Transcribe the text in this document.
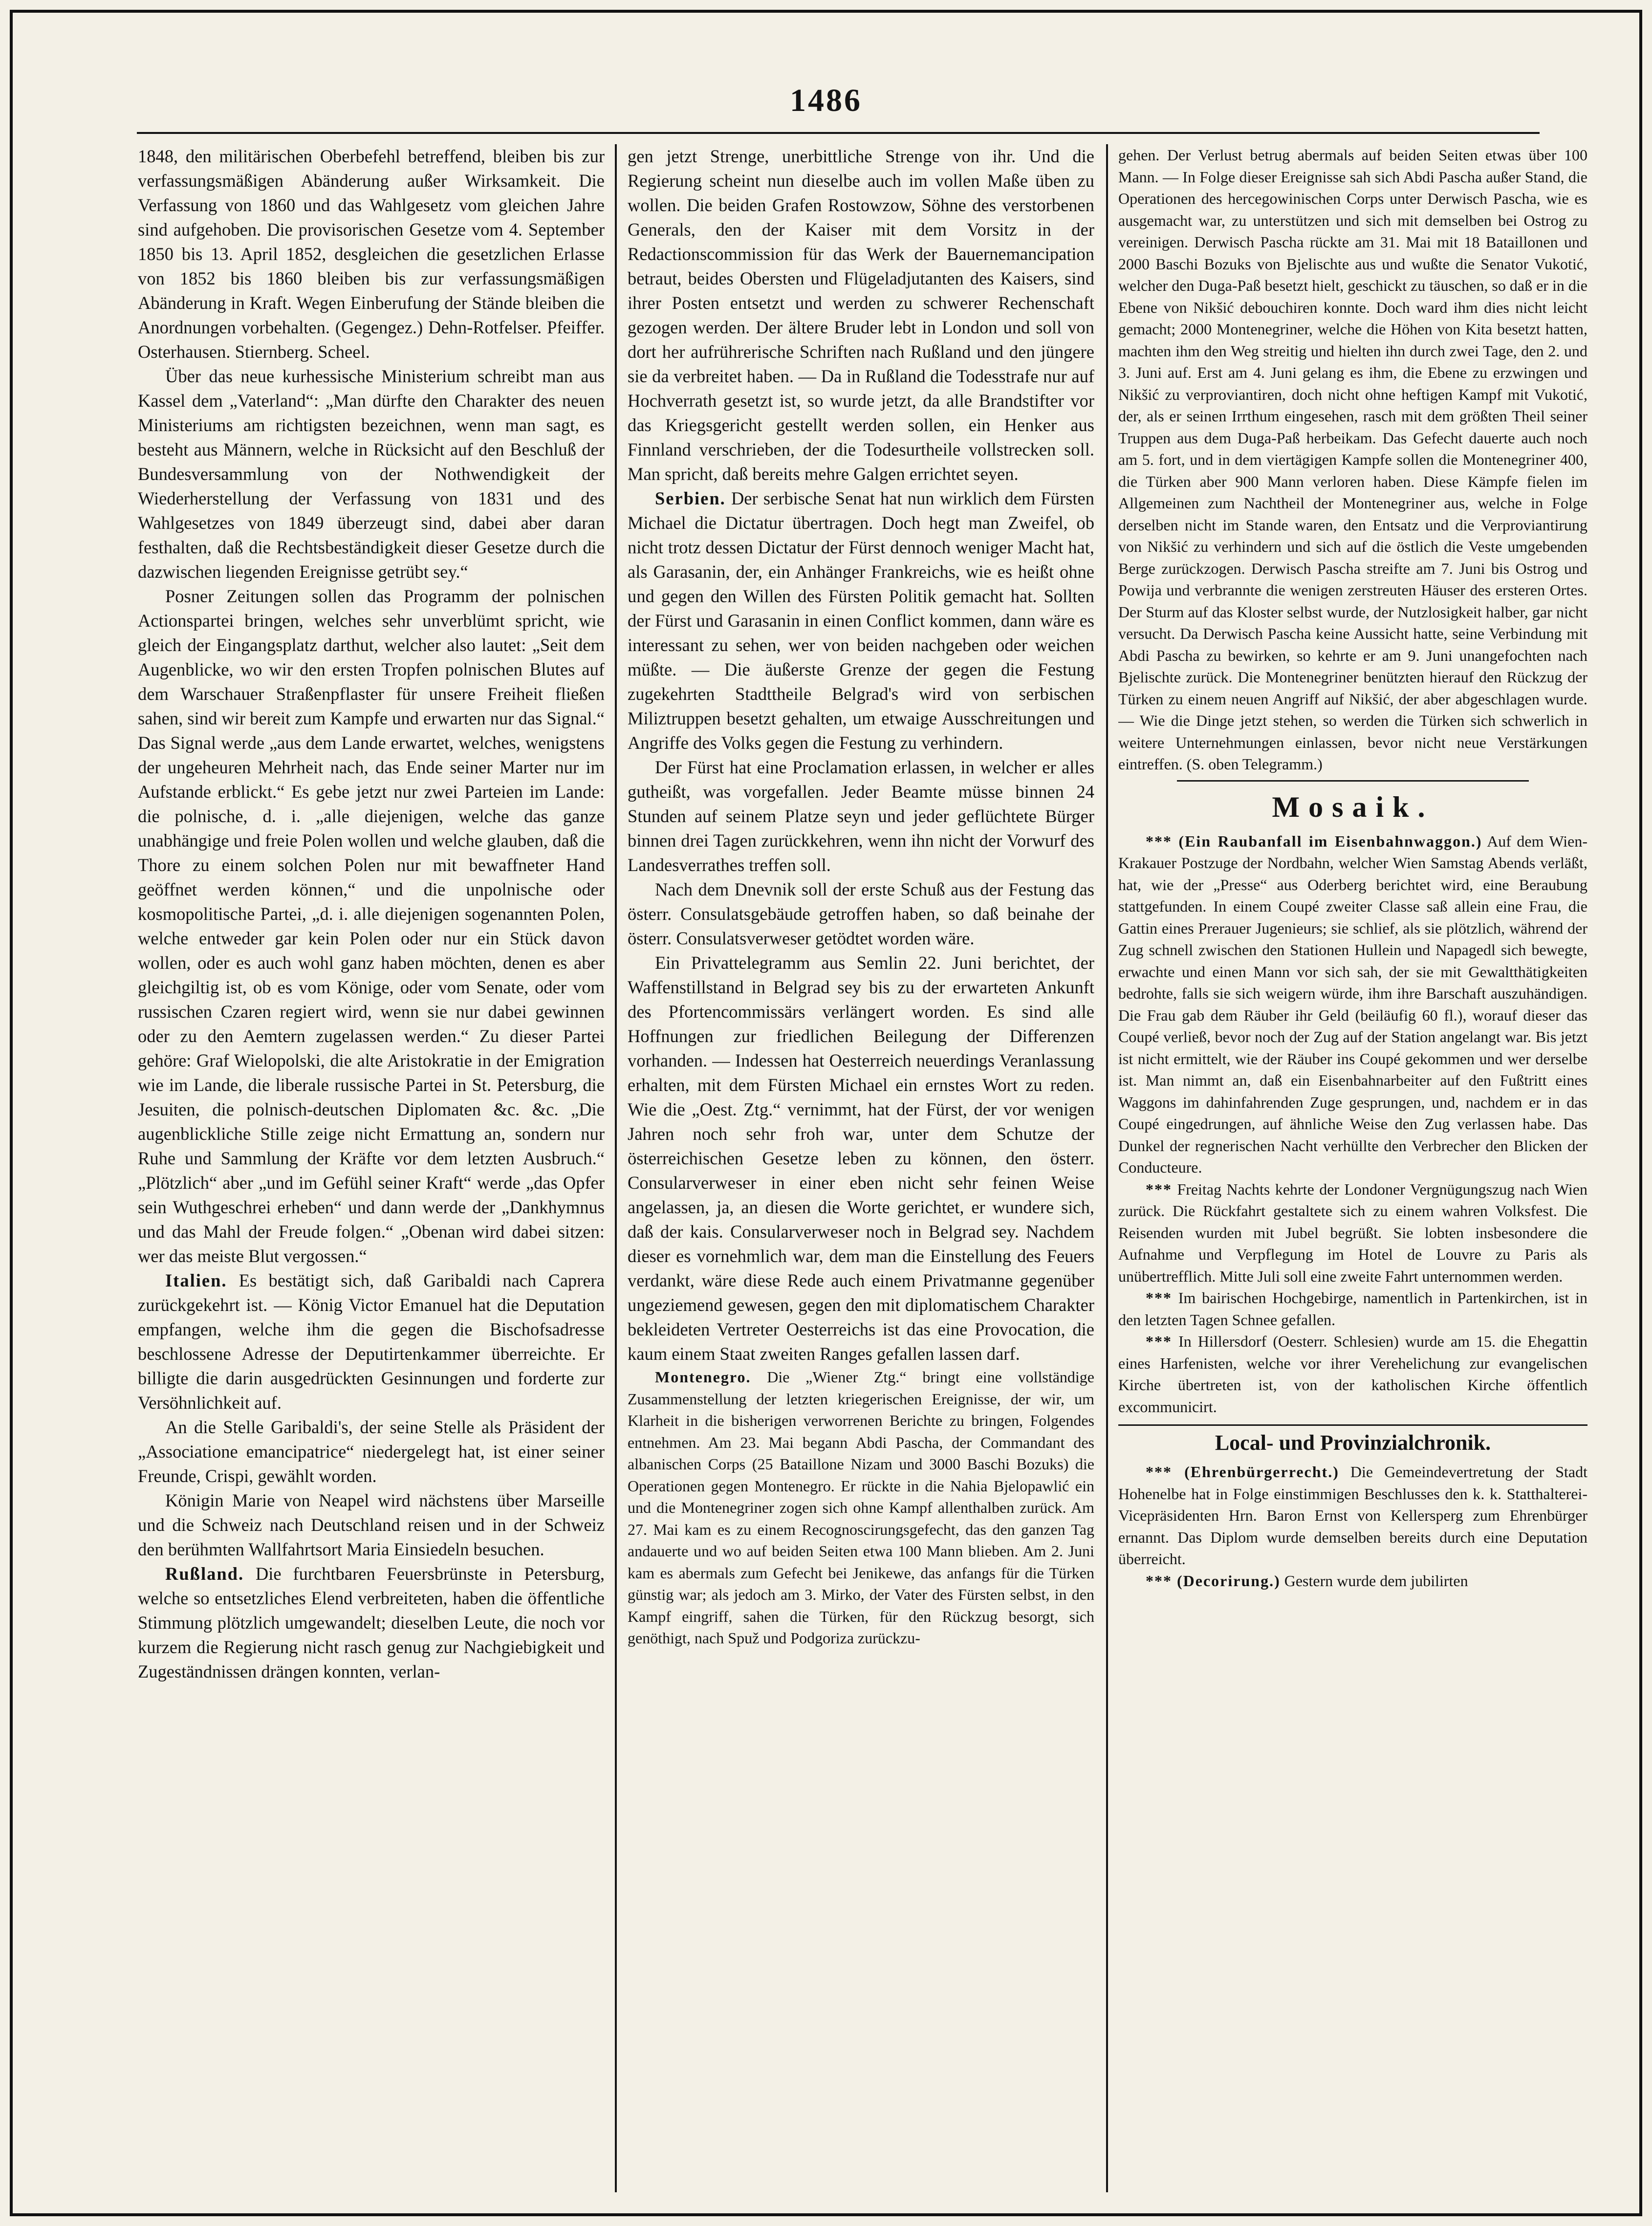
1486

1848, den militärischen Oberbefehl betreffend, bleiben bis zur verfassungsmäßigen Abänderung außer Wirksamkeit. Die Verfassung von 1860 und das Wahlgesetz vom gleichen Jahre sind aufgehoben. Die provisorischen Gesetze vom 4. September 1850 bis 13. April 1852, desgleichen die gesetzlichen Erlasse von 1852 bis 1860 bleiben bis zur verfassungsmäßigen Abänderung in Kraft. Wegen Einberufung der Stände bleiben die Anordnungen vorbehalten. (Gegengez.) Dehn-Rotfelser. Pfeiffer. Osterhausen. Stiernberg. Scheel.

Über das neue kurhessische Ministerium schreibt man aus Kassel dem „Vaterland“: „Man dürfte den Charakter des neuen Ministeriums am richtigsten bezeichnen, wenn man sagt, es besteht aus Männern, welche in Rücksicht auf den Beschluß der Bundesversammlung von der Nothwendigkeit der Wiederherstellung der Verfassung von 1831 und des Wahlgesetzes von 1849 überzeugt sind, dabei aber daran festhalten, daß die Rechtsbeständigkeit dieser Gesetze durch die dazwischen liegenden Ereignisse getrübt sey.“

Posner Zeitungen sollen das Programm der polnischen Actionspartei bringen, welches sehr unverblümt spricht, wie gleich der Eingangsplatz darthut, welcher also lautet: „Seit dem Augenblicke, wo wir den ersten Tropfen polnischen Blutes auf dem Warschauer Straßenpflaster für unsere Freiheit fließen sahen, sind wir bereit zum Kampfe und erwarten nur das Signal.“ Das Signal werde „aus dem Lande erwartet, welches, wenigstens der ungeheuren Mehrheit nach, das Ende seiner Marter nur im Aufstande erblickt.“ Es gebe jetzt nur zwei Parteien im Lande: die polnische, d. i. „alle diejenigen, welche das ganze unabhängige und freie Polen wollen und welche glauben, daß die Thore zu einem solchen Polen nur mit bewaffneter Hand geöffnet werden können,“ und die unpolnische oder kosmopolitische Partei, „d. i. alle diejenigen sogenannten Polen, welche entweder gar kein Polen oder nur ein Stück davon wollen, oder es auch wohl ganz haben möchten, denen es aber gleichgiltig ist, ob es vom Könige, oder vom Senate, oder vom russischen Czaren regiert wird, wenn sie nur dabei gewinnen oder zu den Aemtern zugelassen werden.“ Zu dieser Partei gehöre: Graf Wielopolski, die alte Aristokratie in der Emigration wie im Lande, die liberale russische Partei in St. Petersburg, die Jesuiten, die polnisch-deutschen Diplomaten &c. &c. „Die augenblickliche Stille zeige nicht Ermattung an, sondern nur Ruhe und Sammlung der Kräfte vor dem letzten Ausbruch.“ „Plötzlich“ aber „und im Gefühl seiner Kraft“ werde „das Opfer sein Wuthgeschrei erheben“ und dann werde der „Dankhymnus und das Mahl der Freude folgen.“ „Obenan wird dabei sitzen: wer das meiste Blut vergossen.“

Italien. Es bestätigt sich, daß Garibaldi nach Caprera zurückgekehrt ist. — König Victor Emanuel hat die Deputation empfangen, welche ihm die gegen die Bischofsadresse beschlossene Adresse der Deputirtenkammer überreichte. Er billigte die darin ausgedrückten Gesinnungen und forderte zur Versöhnlichkeit auf.

An die Stelle Garibaldi's, der seine Stelle als Präsident der „Associatione emancipatrice“ niedergelegt hat, ist einer seiner Freunde, Crispi, gewählt worden.

Königin Marie von Neapel wird nächstens über Marseille und die Schweiz nach Deutschland reisen und in der Schweiz den berühmten Wallfahrtsort Maria Einsiedeln besuchen.

Rußland. Die furchtbaren Feuersbrünste in Petersburg, welche so entsetzliches Elend verbreiteten, haben die öffentliche Stimmung plötzlich umgewandelt; dieselben Leute, die noch vor kurzem die Regierung nicht rasch genug zur Nachgiebigkeit und Zugeständnissen drängen konnten, verlan-

gen jetzt Strenge, unerbittliche Strenge von ihr. Und die Regierung scheint nun dieselbe auch im vollen Maße üben zu wollen. Die beiden Grafen Rostowzow, Söhne des verstorbenen Generals, den der Kaiser mit dem Vorsitz in der Redactionscommission für das Werk der Bauernemancipation betraut, beides Obersten und Flügeladjutanten des Kaisers, sind ihrer Posten entsetzt und werden zu schwerer Rechenschaft gezogen werden. Der ältere Bruder lebt in London und soll von dort her aufrührerische Schriften nach Rußland und den jüngere sie da verbreitet haben. — Da in Rußland die Todesstrafe nur auf Hochverrath gesetzt ist, so wurde jetzt, da alle Brandstifter vor das Kriegsgericht gestellt werden sollen, ein Henker aus Finnland verschrieben, der die Todesurtheile vollstrecken soll. Man spricht, daß bereits mehre Galgen errichtet seyen.

Serbien. Der serbische Senat hat nun wirklich dem Fürsten Michael die Dictatur übertragen. Doch hegt man Zweifel, ob nicht trotz dessen Dictatur der Fürst dennoch weniger Macht hat, als Garasanin, der, ein Anhänger Frankreichs, wie es heißt ohne und gegen den Willen des Fürsten Politik gemacht hat. Sollten der Fürst und Garasanin in einen Conflict kommen, dann wäre es interessant zu sehen, wer von beiden nachgeben oder weichen müßte. — Die äußerste Grenze der gegen die Festung zugekehrten Stadttheile Belgrad's wird von serbischen Miliztruppen besetzt gehalten, um etwaige Ausschreitungen und Angriffe des Volks gegen die Festung zu verhindern.

Der Fürst hat eine Proclamation erlassen, in welcher er alles gutheißt, was vorgefallen. Jeder Beamte müsse binnen 24 Stunden auf seinem Platze seyn und jeder geflüchtete Bürger binnen drei Tagen zurückkehren, wenn ihn nicht der Vorwurf des Landesverrathes treffen soll.

Nach dem Dnevnik soll der erste Schuß aus der Festung das österr. Consulatsgebäude getroffen haben, so daß beinahe der österr. Consulatsverweser getödtet worden wäre.

Ein Privattelegramm aus Semlin 22. Juni berichtet, der Waffenstillstand in Belgrad sey bis zu der erwarteten Ankunft des Pfortencommissärs verlängert worden. Es sind alle Hoffnungen zur friedlichen Beilegung der Differenzen vorhanden. — Indessen hat Oesterreich neuerdings Veranlassung erhalten, mit dem Fürsten Michael ein ernstes Wort zu reden. Wie die „Oest. Ztg.“ vernimmt, hat der Fürst, der vor wenigen Jahren noch sehr froh war, unter dem Schutze der österreichischen Gesetze leben zu können, den österr. Consularverweser in einer eben nicht sehr feinen Weise angelassen, ja, an diesen die Worte gerichtet, er wundere sich, daß der kais. Consularverweser noch in Belgrad sey. Nachdem dieser es vornehmlich war, dem man die Einstellung des Feuers verdankt, wäre diese Rede auch einem Privatmanne gegenüber ungeziemend gewesen, gegen den mit diplomatischem Charakter bekleideten Vertreter Oesterreichs ist das eine Provocation, die kaum einem Staat zweiten Ranges gefallen lassen darf.

Montenegro. Die „Wiener Ztg.“ bringt eine vollständige Zusammenstellung der letzten kriegerischen Ereignisse, der wir, um Klarheit in die bisherigen verworrenen Berichte zu bringen, Folgendes entnehmen. Am 23. Mai begann Abdi Pascha, der Commandant des albanischen Corps (25 Bataillone Nizam und 3000 Baschi Bozuks) die Operationen gegen Montenegro. Er rückte in die Nahia Bjelopawlić ein und die Montenegriner zogen sich ohne Kampf allenthalben zurück. Am 27. Mai kam es zu einem Recognoscirungsgefecht, das den ganzen Tag andauerte und wo auf beiden Seiten etwa 100 Mann blieben. Am 2. Juni kam es abermals zum Gefecht bei Jenikewe, das anfangs für die Türken günstig war; als jedoch am 3. Mirko, der Vater des Fürsten selbst, in den Kampf eingriff, sahen die Türken, für den Rückzug besorgt, sich genöthigt, nach Spuž und Podgoriza zurückzu-

gehen. Der Verlust betrug abermals auf beiden Seiten etwas über 100 Mann. — In Folge dieser Ereignisse sah sich Abdi Pascha außer Stand, die Operationen des hercegowinischen Corps unter Derwisch Pascha, wie es ausgemacht war, zu unterstützen und sich mit demselben bei Ostrog zu vereinigen. Derwisch Pascha rückte am 31. Mai mit 18 Bataillonen und 2000 Baschi Bozuks von Bjelischte aus und wußte die Senator Vukotić, welcher den Duga-Paß besetzt hielt, geschickt zu täuschen, so daß er in die Ebene von Nikšić debouchiren konnte. Doch ward ihm dies nicht leicht gemacht; 2000 Montenegriner, welche die Höhen von Kita besetzt hatten, machten ihm den Weg streitig und hielten ihn durch zwei Tage, den 2. und 3. Juni auf. Erst am 4. Juni gelang es ihm, die Ebene zu erzwingen und Nikšić zu verproviantiren, doch nicht ohne heftigen Kampf mit Vukotić, der, als er seinen Irrthum eingesehen, rasch mit dem größten Theil seiner Truppen aus dem Duga-Paß herbeikam. Das Gefecht dauerte auch noch am 5. fort, und in dem viertägigen Kampfe sollen die Montenegriner 400, die Türken aber 900 Mann verloren haben. Diese Kämpfe fielen im Allgemeinen zum Nachtheil der Montenegriner aus, welche in Folge derselben nicht im Stande waren, den Entsatz und die Verproviantirung von Nikšić zu verhindern und sich auf die östlich die Veste umgebenden Berge zurückzogen. Derwisch Pascha streifte am 7. Juni bis Ostrog und Powija und verbrannte die wenigen zerstreuten Häuser des ersteren Ortes. Der Sturm auf das Kloster selbst wurde, der Nutzlosigkeit halber, gar nicht versucht. Da Derwisch Pascha keine Aussicht hatte, seine Verbindung mit Abdi Pascha zu bewirken, so kehrte er am 9. Juni unangefochten nach Bjelischte zurück. Die Montenegriner benützten hierauf den Rückzug der Türken zu einem neuen Angriff auf Nikšić, der aber abgeschlagen wurde. — Wie die Dinge jetzt stehen, so werden die Türken sich schwerlich in weitere Unternehmungen einlassen, bevor nicht neue Verstärkungen eintreffen. (S. oben Telegramm.)

Mosaik.

*** (Ein Raubanfall im Eisenbahnwaggon.) Auf dem Wien-Krakauer Postzuge der Nordbahn, welcher Wien Samstag Abends verläßt, hat, wie der „Presse“ aus Oderberg berichtet wird, eine Beraubung stattgefunden. In einem Coupé zweiter Classe saß allein eine Frau, die Gattin eines Prerauer Jugenieurs; sie schlief, als sie plötzlich, während der Zug schnell zwischen den Stationen Hullein und Napagedl sich bewegte, erwachte und einen Mann vor sich sah, der sie mit Gewaltthätigkeiten bedrohte, falls sie sich weigern würde, ihm ihre Barschaft auszuhändigen. Die Frau gab dem Räuber ihr Geld (beiläufig 60 fl.), worauf dieser das Coupé verließ, bevor noch der Zug auf der Station angelangt war. Bis jetzt ist nicht ermittelt, wie der Räuber ins Coupé gekommen und wer derselbe ist. Man nimmt an, daß ein Eisenbahnarbeiter auf den Fußtritt eines Waggons im dahinfahrenden Zuge gesprungen, und, nachdem er in das Coupé eingedrungen, auf ähnliche Weise den Zug verlassen habe. Das Dunkel der regnerischen Nacht verhüllte den Verbrecher den Blicken der Conducteure.

*** Freitag Nachts kehrte der Londoner Vergnügungszug nach Wien zurück. Die Rückfahrt gestaltete sich zu einem wahren Volksfest. Die Reisenden wurden mit Jubel begrüßt. Sie lobten insbesondere die Aufnahme und Verpflegung im Hotel de Louvre zu Paris als unübertrefflich. Mitte Juli soll eine zweite Fahrt unternommen werden.

*** Im bairischen Hochgebirge, namentlich in Partenkirchen, ist in den letzten Tagen Schnee gefallen.

*** In Hillersdorf (Oesterr. Schlesien) wurde am 15. die Ehegattin eines Harfenisten, welche vor ihrer Verehelichung zur evangelischen Kirche übertreten ist, von der katholischen Kirche öffentlich excommunicirt.

Local- und Provinzialchronik.

*** (Ehrenbürgerrecht.) Die Gemeindevertretung der Stadt Hohenelbe hat in Folge einstimmigen Beschlusses den k. k. Statthalterei-Vicepräsidenten Hrn. Baron Ernst von Kellersperg zum Ehrenbürger ernannt. Das Diplom wurde demselben bereits durch eine Deputation überreicht.

*** (Decorirung.) Gestern wurde dem jubilirten
